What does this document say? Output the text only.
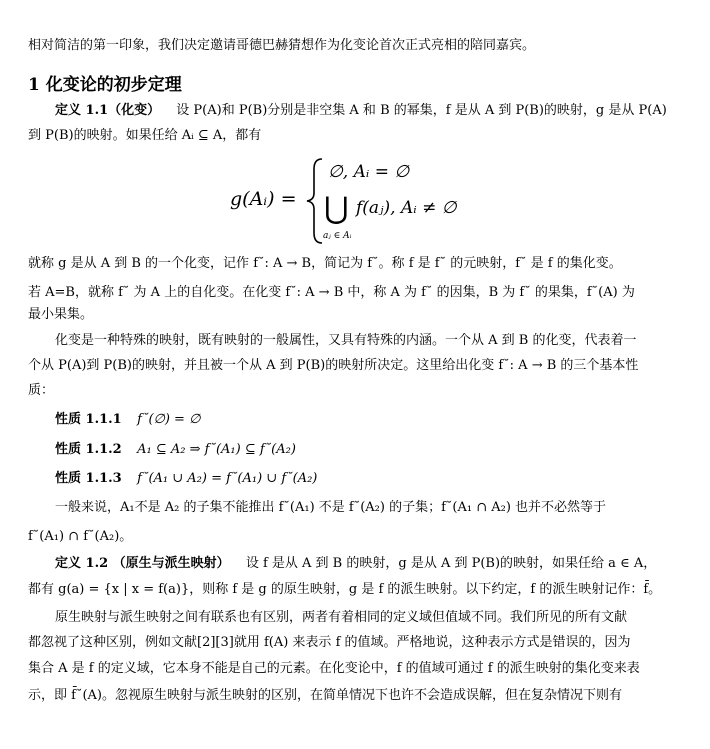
相对简洁的第一印象，我们决定邀请哥德巴赫猜想作为化变论首次正式亮相的陪同嘉宾。
1 化变论的初步定理
定义 1.1（化变） 设 P(A)和 P(B)分别是非空集 A 和 B 的幂集，f 是从 A 到 P(B)的映射，g 是从 P(A)
到 P(B)的映射。如果任给 Aᵢ ⊆ A，都有
g(Aᵢ) =
∅, Aᵢ = ∅
⋃
aⱼ ∈ Aᵢ
f(aⱼ), Aᵢ ≠ ∅
就称 g 是从 A 到 B 的一个化变，记作 f˘: A → B，简记为 f˘。称 f 是 f˘ 的元映射，f˘ 是 f 的集化变。
若 A=B，就称 f˘ 为 A 上的自化变。在化变 f˘: A → B 中，称 A 为 f˘ 的因集，B 为 f˘ 的果集，f˘(A) 为
最小果集。
化变是一种特殊的映射，既有映射的一般属性，又具有特殊的内涵。一个从 A 到 B 的化变，代表着一
个从 P(A)到 P(B)的映射，并且被一个从 A 到 P(B)的映射所决定。这里给出化变 f˘: A → B 的三个基本性
质：
性质 1.1.1 f˘(∅) = ∅
性质 1.1.2 A₁ ⊆ A₂ ⇒ f˘(A₁) ⊆ f˘(A₂)
性质 1.1.3 f˘(A₁ ∪ A₂) = f˘(A₁) ∪ f˘(A₂)
一般来说，A₁不是 A₂ 的子集不能推出 f˘(A₁) 不是 f˘(A₂) 的子集；f˘(A₁ ∩ A₂) 也并不必然等于
f˘(A₁) ∩ f˘(A₂)。
定义 1.2 （原生与派生映射） 设 f 是从 A 到 B 的映射，g 是从 A 到 P(B)的映射，如果任给 a ∈ A，
都有 g(a) = {x | x = f(a)}，则称 f 是 g 的原生映射，g 是 f 的派生映射。以下约定，f 的派生映射记作：f̄。
原生映射与派生映射之间有联系也有区别，两者有着相同的定义域但值域不同。我们所见的所有文献
都忽视了这种区别，例如文献[2][3]就用 f(A) 来表示 f 的值域。严格地说，这种表示方式是错误的，因为
集合 A 是 f 的定义域，它本身不能是自己的元素。在化变论中，f 的值域可通过 f 的派生映射的集化变来表
示，即 f̄˘(A)。忽视原生映射与派生映射的区别，在简单情况下也许不会造成误解，但在复杂情况下则有
